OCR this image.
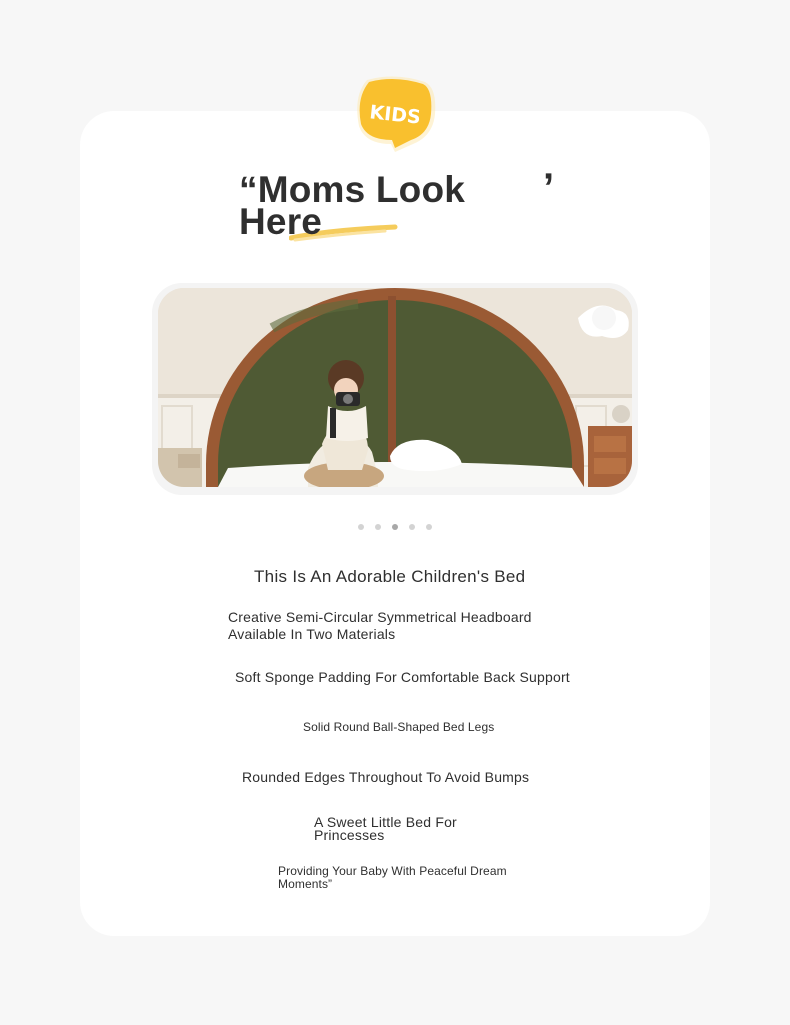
KIDS
“Moms Look
Here
’
This Is An Adorable Children's Bed
Creative Semi-Circular Symmetrical Headboard
Available In Two Materials
Soft Sponge Padding For Comfortable Back Support
Solid Round Ball-Shaped Bed Legs
Rounded Edges Throughout To Avoid Bumps
A Sweet Little Bed For
Princesses
Providing Your Baby With Peaceful Dream
Moments”
